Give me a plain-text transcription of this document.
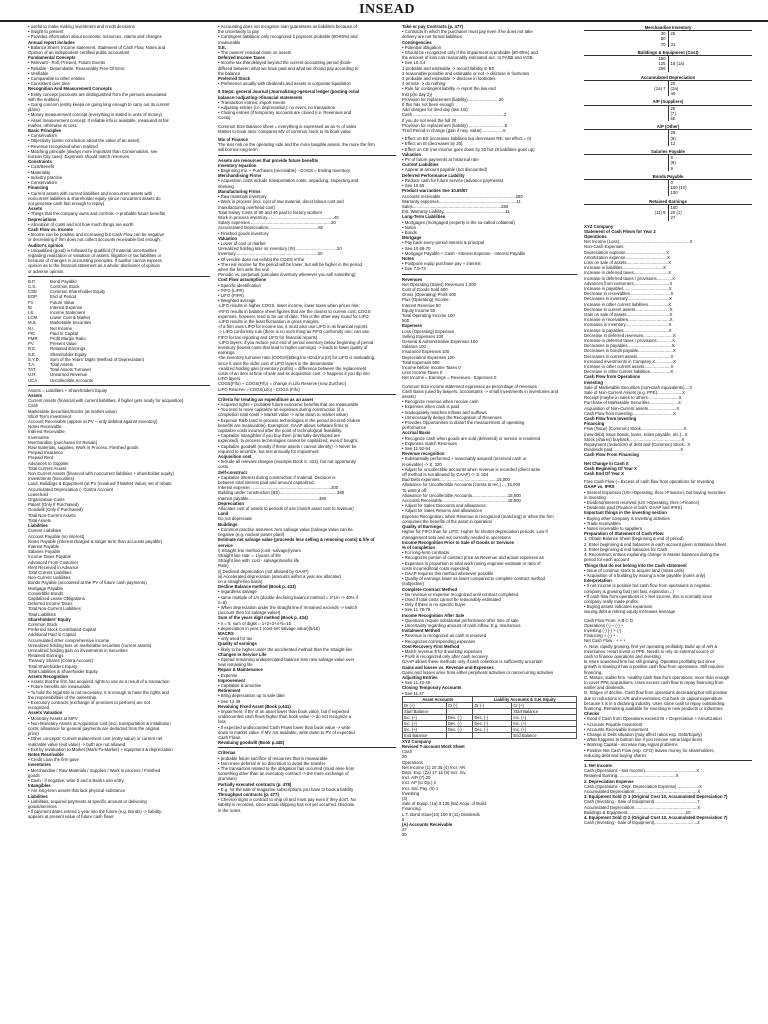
INSEAD
• useful to make making investment and credit decisions
• insight to present
• Provides information about economic resources, claims and changes
Annual report includes
• Balance Sheet, Income statement, Statement of Cash Flow, Notes and
Opinion of an independent certified public accountant
Fundamental Concepts
• Relevant - Roll, Present, Future Events
• Reliable - Dependable, Reasonably Free Of Error
• Verifiable
• Comparable to other entities
• Consistent over time
Recognition And Measurement Concepts
• Entity concept (accounts are distinguished from the persons associated
with the entities)
• Going concern (entity keeps on going long enough to carry out its current
plans)
• Money measurement concept (everything is stated in units of money)
• Asset measurement concept: If reliable info is available, measured at fair
market, otherwise at cost.
Basic Principles
• Conservatism
• Objectivity (same conclusion about the value of an asset)
• Revenue recognized when realized
• Matching principle (always more important than Conservatism, see
Korean City case): Expenses should match revenues.
Constraints
• Cost/Benefit
• Materiality
• Industry practice
• Conservatism
Financing
• Current assets with current liabilities and noncurrent assets with
noncurrent liabilities & shareholder equity (since noncurrent assets do
not generate cash fast enough to repay)
Assets
• Things that the company owns and controls -> probable future benefits
Depreciations
• Allocation of costs and not how much things are worth
Cash Flow vs. Income
• Income can be positive and increasing but Cash Flow can be negative
or decreasing if firm does not collect accounts receivable fast enough.
Auditor's opinion
• Unqualified (good) is followed by qualified (if material uncertainties
regarding realization or valuation of assets, litigation or tax liabilities or
because of changes in accounting principles. If auditor cannot express
opinion as to the financial statement as a whole: disclaimer of opinion
or adverse opinion.
B.P.	Bond Payable
C.S.	Common Stock
CSE	Common Shareholder Equity
EOP	End of Period
FV	Future Value
IE	Interest Expense
I.S.	Income Statement
LCM	Lower Cost & Market
M.S.	Marketable Securities
N.I.	Net Income
PIC	Paid In Capital
PMR	Profit Margin Ratio
PV	Present Value
R.E.	Retained Earnings
S.E.	Shareholder Equity
S.Y.D.	Sum of the Years' Digits (Method of Depreciation)
T.A.	Total Assets
TAT	Total Assets Turnover
U.R.	Unearned Revenue
UCA	Uncollectible Accounts
Assets = Liabilities + Shareholders Equity
Assets
Current Assets (financial with current liabilities, if higher gets ready for acquisition)
Cash
Marketable Securities/Stocks (at market value)
Short Term Investment
Account Receivable (appear at PV -- only debited against Inventory)
Notes Receivable
Interest Receivable
Inventories
Merchandise (purchases for Resale)
Raw materials, supplies, Work in Process, Finished goods
Prepaid Insurance
Prepaid Rent
Advances to Supplier
Total Current Assets
Non Current Assets (financed with noncurrent liabilities + shareholder equity)
Investments (Securities)
Land, Buildings & Equipment (at PV (revalued if Market Value) net of rebate
Accumulated Depreciation (- Contra Account
Leasehold
Organization Costs
Patent (Only If Purchased)
Goodwill (Only If Purchased)
Total Non-Current Assets
Total Assets
Liabilities
Current Liabilities
Account Payable (no interest)
Notes Payable (interest charged & longer term than accounts payable)
Interest Payable
Salaries Payable
Income Taxes Payable
Advanced From Customer
Rent Received in Advance
Total Current Liabilities
Non-Current Liabilities
Bonds Payable (accounted at the PV of future cash payments)
Mortgage Payable
Convertible Bonds
Capitalized Lease Obligations
Deferred Income Taxes
Total Non-Current Liabilities
Total Liabilities
Shareholders' Equity
Common Stock
Preferred Stock Contributed Capital
Additional Paid in Capital
Accumulated other comprehensive income
Unrealized holding loss on marketable securities (current assets)
Unrealized holding gain on investments in Securities
Retained Earnings
Treasury Shares (Contra Account)
Total Shareholders Equity
Total Liabilities & Shareholder Equity
Assets Recognition
• Assets that the firm has acquired rights to use as a result of a transaction
• Future benefits are measurable
• To hold the legal title is not necessary. It is enough to have the rights and
the responsibilities of the ownership.
• Executory contracts (exchange of promises to perform) are not
recognized.
Assets Valuation
• Monetary Assets at MPV
• Non-Monetary Assets at Acquisition cost (incl. transportation & installation
costs; allowance for general payments are deducted from the original
price)
• Other concepts: Current replacement cost (entry value) or current net
realizable value (exit value) -> both are not allowed
• Exit by revaluation to Market (Mark-To-Market) + equipment & depreciation
Notes Receivable
• Credit Loan the firm gave
Inventories
• Merchandise / Raw Materials / Supplies / Work in process / Finished
goods
• Cash - if negative, write 0 and a Bank Loan entry.
Intangibles
• Are long-term assets that lack physical substance
Liabilities
• Liabilities, required payments at specific amount or delivering
goods/services
• If payment dates extend 1 year into the future (e.g. Bonds) -> liability,
appears at present value of future cash flows
• Accounting does not recognize loan guarantees as liabilities because of
the uncertainty to pay
• Contingent liabilities: only recognized if payment probable (80-85%) and
measurable
S.E.
• The owners' residual claim on assets
Deferred Income Taxes
• Income tax that delayed beyond the current accounting period (book-
differed between what we have paid and what we should pay according to
the balance
Preferred Stock
• Preference usually with dividends and assets in corporate liquidation
5 Steps: general Journal (Journalizing->general ledger (posting->trial
balance->adjusting->financial statements
• Transaction entries: import events
• Adjusting entries (i.e. depreciation): no event, no transaction
• Closing entries (if temporary accounts are closed (i.e. Revenues and
Costs)
Common Size Balance sheet = everything is expressed as an % of sales
Market to book ratio: compares MV of common stock to its book value
Mix of Finance
The less risk on the operating side and the more tangible assets, the more the firm
will borrow long-term
Assets are resources that provide future benefits
Inventory equation
• Beginning Inv. + Purchases (receivable) - COGS = Ending Inventory
Merchandising Firms
• Acquisition costs include transportation costs, unpacking, inspecting and
shelving
Manufacturing Firms
• Raw materials inventory
• Work in process (incl. cost of raw material, direct labour cost and
manufacturing overhead cost)
Total Salary Costs of 80 and 40 paid to factory workers
Work in process inventory........................................................40
Salary expenses ...................................................................20
Accumulated Depreciation..........................................60
• Finished goods inventory
Valuation
• Lower of cost or market
Unrealized holding loss on inventory (IS) ..................................20
Inventory.....................................................................20
• Of vendee does not exhibit the COGS in'the
• The real income for the period will be lower, but will be higher in the period
when the firm sells the unit
Periodic vs. perpetual (calculate inventory whenever you sell something)
Cost Flow assumptions
• Specific identification
• FIFO (LIFR)
• LIFO (FIFR)
• Weighted average
-LIFO results in higher COGS, lower income, lower taxes when prices rise.
-FIFO results in balance sheet figures that are the closest to current cost; COGS
expenses, however, tend to be out of date. This is the other way round for LIFO.
-LIFO results in the least fluctuation in gross margins.
-If a firm uses LIFO for income tax, it must also use LIFO in its financial reports
-> LIFO conformity rule (there is no such thing as FIFO conformity rule; can use
FIFO for tax reporting and LIFO for financial reports)
-LIFO layers: if you reduce your end of period inventory below beginning of period
inventory (lowest costs that lead to higher earnings) -> leads to lower quality of
earnings
-the inventory turnover ratio (COGS/(EBeg.Inv.+End.Inv.)/2) for LIFO is misleading,
since it uses the older cost of LIFO layers in the denominator
-realized holding gain (inventory profits) = difference between the replacement
costs of an item at time of sale and its acquisition cost -> happens if you dip into
LIFO layers
COGS(Fifo) + COGS(Fifo) = change in Lifo Reserve (now Zurcheo)
LIFO Reserve = COGS(Lifo) - COGS (Fifo)
Criteria for treating an expenditure as an asset
• Acquired rights + probable future economic benefits that are measurable
• You tend to more capitalize an expenses during construction (if a
completion total costs > Market value -> write down to market value)
• Expense R&D (and in-process technologies in the period incurred->future
benefits are measurable). Exemption: GAAP allows software firms to
capitalize costs incurred after the point of technological feasibility.
• Capitalize intangibles if you buy them (internally developed are
expensed). In-process technologies cannot be capitalized, even if bought.
• Capitalize goodwill (mostly if these assets / cannot identify) -> Never be
required to amortize, but test annually for impairment.
Acquisition cost
• Include all relevant charges (example Book S. 423), but not opportunity
costs.
Self-construct
• Capitalize interest during construction if material. Decision is
between total interest paid and amount capitalized.
Interest expense ...................................................................200
Building under construction (BS)................................................380
Interest payable...........................................................380
Depreciation
Allocates cost of assets to periods of use (match asset cost to revenue)
Land
Do not depreciate
Buildings
• Common practice assumes zero salvage value (salvage value can be
negative (e.g. nuclear power plant)
Estimate net salvage value (proceeds less selling & removing costs) & life of
service
i) Straight line method (cost -salvage)/years
Straight line rate: = 1/years of life
Straight line with: cost - salvage)/useful life
Rate)
ii) Declined depreciation (not allowed by GAAP)
iii) Accelerated depreciation (amounts within a year are allocated
on a straight-line basis)
Decline Balance method (Book p. 433)
• regardless salvage
• same multiple of 1/n (double declining balance method = 2*1/n -> 40% if
n=5)
• When depreciation under the straight line if remained exceeds -> switch
(account then for salvage value!)
Sum of the years digit method (Book p. 434)
• n = 5; sum of digits = 1+2+3+4+5=15
• depreciation in year 1 (cost-net salvage value)(5/15)
MACRS
• only used for tax
Quality of earnings
• likely to be higher under the accelerated method than the straight-line
Changes in Service Life
• Spread remaining undepreciated balance less new salvage value over
new remaining life
Repair & Maintenance
• Expense
Improvement
• Capitalise & amortise
Retirement
• Bring depreciation up to sale date
• See 12.39
Revaluing Fixed Asset (Book p.441)
• Impairment: if BV of an asset lower than book value, but if expected
undiscounted cash flows higher than book value -> do not recognize a
loss
• If expected undiscounted Cash Flows lower than book value -> write
down to market value. If MV not available, write down to PV of expected
Cash Flows.
Revaluing goodwill (Book p.448)
Criterias
• probable future sacrifice of resources that is measurable
• Non-mere deferral or no discretion to avoid the transfer
• The transaction related to the obligation has occurred (must arise from
something other than an executory contract -> the mere exchange of
promises)
Partially executed contracts (p. 478)
• E.g. for the sale of magazine subscriptions you have to book a liability
Throughput contracts (p. 477)
• Chevron signs a contract to ship oil and must pay even if they don't. No
liability is recorded, since actual shipping has not yet occurred. Disclose
in the notes.
Take or pay Contracts (p. 477)
• Contracts in which the purchaser must pay even if he does not take
delivery are not formal liabilities.
Contingencies
• Potential obligation
• Should be recognized only if the impairment is probable (80-85%) and
the amount of loss can reasonably estimated acc. to FASB and IASB
• See 10.4.4
1 probable and estimable -> record liability in BS
2 reasonable possible and estimable or not -> disclose in footnotes
3 probable and estimable -> disclose in footnotes
4 remote -> do nothing
• Rule for contingent liability -> report the low end
Inst p(to day 2))
Provision for replacement (liability)..........................20
If this has not been enough
Add charges for tired day (two 1st)
Cash ............................................................................2
If you do not need the full 20
Provision for replacement (liability) ..............................5
Tired Period in change (gain if neg. value) .................5
• Effect on BS (increases liabilities but decreases RE: net effect = 0)
• Effect on IS (decreases by 20)
• Effect on CE (net income goes down by 20 but 20 liabilities goes up)
Valuation
• PV of future payments at historical rate
Current Liabilities
• Appear at amount payable (not discounted)
Deferred Performance Liability
• Reduce cash for future service (advance payments)
• See 10.55
Product warranties See 10.65/67
Accounts receivable ..............................................................280
Warranty expenses.................................................................11
Sales..........................................................................280
Est. Warranty Liability....................................................11
Long-Term Liabilities
• Mortgages (mortgaged property is the so-called collateral)
• Notes
• Bonds
Mortgage
• Pay back every-period interest & principal
• See 10.66-70
• Mortgage Payable + Cash - Interest Expense - Interest Payable
Notes
• Postpone equip purchase pay + interest
• See 7.9-73
Revenues
Net Operating (Sales) Revenues 1,000
Cost of Goods Sold 600
Gross (Operating) Profit 400
Plus (Operating) Income:
Interest Revenue 50
Equity Income 50
Total Operating Income 100
500
Expenses
Less (Operating) Expenses
Selling Expenses 100
General & Administrative Expenses 100
Salaries 100
Insurance Expenses 100
Depreciation Expenses 100
Total Expenses 500
Income before Income Taxes 0
Less Income Taxes 0
Net Income = Earnings = Revenues - Expenses 0
Common Size income statement expresses as percentage of revenues
Cash Basis (used by lawyers, accountants -> small investments in inventories and
assets)
• Recognize revenue when receive cash
• Expenses when cash is paid
• Inadequately matches Inflows and outflows
• Unnecessarily delays the Recognition of Revenues
• Provides Opportunities to distort the measurement of operating
performance
Accrual Basis
• Recognize cash when goods are sold (delivered) or service is rendered
• Expenses match Revenues
• See 11.92-94
Revenue recognition
• Substantially performed + reasonably assured (received cash or
receivable) -> S. 320
• Adjust for uncollectible accounts when revenue is recorded (direct write
off method is not allowed by GAAP) -> S. 324
Bad Debt expenses................................................15,000
Allowance for Uncollectible Accounts (contra to rec.) ....15,000
To write it off:
Allowance for Uncollectible Accounts..............................15,000
Accounts Receivable.......................................................15,000
• Adjust for Sales Discounts and allowances
• Adjust for Sales Returns and allowances
Expense Recognition: when Revenue is recognized (matching) or when the firm
consumes the benefits of the asset in operation
Quality of Earnings:
Higher for FIFO than for LIFO; Higher for shorter depreciation periods. Low if
management sets and not currently needed in operations
Income Recognition Prior to Sale of Goods or Services
% of completion
• For long-term contracts
• Recognizes portion of contract price as Revenue and actual expenses as
• Expenses in proportion to total work (using engineer estimate or ratio of
costs incurred/total costs expected)
• GAAP requires this method whenever possible
• Quality of earnings lower as lower compared to complete contract method
(subjective)
Complete-Contract Method
• No revenue or expense recognized until contract completed
• Used if total costs cannot be reasonably estimated
• Only if there is no specific buyer
• See 11.78-79
Income Recognition After Sale
• Questions require substantial performance after time of sale
• Uncertainty regarding amount of cash inflow. E.g. Insurances
Instalment Method
• Revenue is recognized as cash is received
• Recognizes corresponding expenses
Cost-Recovery First Method
• Match revenue $ for $ working expenses
• Profit is recognized only after cash recovery
GAAP allows these methods only if cash collection is sufficiently uncertain
Gains and losses vs. Revenue and Expenses
Gains and losses arise from either peripheral activities or nonrecurring activities
Adjusting Entries
• See 11.42-45
Closing Temporary Accounts
• See 11.47
Asset Accounts		Liability Accounts & S.H. Equity	
Dr (+)	Cr (-)	Dr (-)	Cr (+)
Start Balance			Start Balance
Inc. (+)	Dec. (-)	Dec. (-)	Inc. (+)
Inc. (+)	Dec. (-)	Dec. (-)	Inc. (+)
Inc. (+)	Dec. (-)	Dec. (-)	Inc. (+)
End Balance			End Balance
XYZ Company
Revised T-account Work Sheet
Cash
20
Operations
Net Income (1) 20 35 (4) Incr. AR
Depr. Exp. (2a) 17 15 (5) Incr. Inv.
Incr. A/P (7) 20
Incr. AP (to Op.) 2
Incr. Sal. Pay. (9) 1
Investing
(3)
Sale of Equip. (1a) 3 135 (6a) Acqu. of Build.
Financing
L.T. Bond Issue(10) 100 8 (11) Dividends
5
(A) Accounts Receivable
27
30
Merchandise Inventory
30	25
80
70	31
Buildings & Equipment (Cost)
150
125	18 (1a)
259
Accumulated Depreciation
20
(1a) 7	(2a)
40
A/P (Suppliers)
25
(7)
50
A/P (Other)
25
(8)
12
Salaries Payable
8
(9)
9
Bonds Payable
0
100 (10)
100
Retained Earnings
150
(11) 8	20 (1)
27
XYZ Company
Statement of Cash Flows for Year 2
Operations
Net Income (Loss)...........................................................X
Non-Cash Expenses
Depreciation expense..................................X
Amortization expense...................................X
Loss on sale of assets...................................X
Increase in liabilities..................................X
Increase in deferred taxes.............................X
Increase in deferred taxes / provisions.............X
Advances from customers..............................X
Increase in payables......................................X
Decrease in receivables..................................X
Decreases in inventory...................................X
Increase in other current liabilities.................X
Decrease in current assets.............................X
Gain on sale of assets....................................X
Increase in receivables...................................X
Increases in inventory....................................X
Increase in payables......................................X
Decrease in deferred revenues.........................X
Increase in deferred taxes / provisions.............X
Decreases in payables.....................................X
Decreases in bonds payable.............................X
Decreases in current assets............................X
Increased investments in Company X...............X
Increase in other current assets......................X
Decrease in other current liabilities.................X
Cash Flow from Operations
Investing
Sale of Marketable Securities (non-cash equivalents)....X
Sale of Non-Current Assets (e.g. PPE).....................X
Receipt (maybe in sales to others..........................X
Purchase of Marketable Securities........................X
Acquisition of Non-Current assets........................X
Cash Flow from Investing..................................X
Cash Flow from Investing
Financing
Flow (Issue) (Common) Stock....................................X
(new debt) Issue bonds, loans, notes payable, etc.)...X
Stock (shares) buyback............................................X
Repayment (reduction) of debt and (Common) Stock...X
Dividends paid.........................................................X
Cash Flow From Financing
Net Change in Cash X
Cash Beginning Of Year X
Cash End Of Year X
Free Cash Flow (= Excess of cash flow from operations for Investing
GAAP vs. IFRS
• Interest Expenses (US->Operating, Ifers->Finance), but buying securities
in Investing
• Dividend/Interest received (US->Operating, Ifers->Finance)
• Dividends paid (Finance in both: GAAP and IFRS)
Important things in the investing section
• Buying other company is Investing activities
• Trade receivables
• Notes receivable to suppliers
Preparation of Statement of Cash Flow:
1. Obtain Balance Sheet (beginning & end of period)
2. Enter beginning & end balances in each account given in Balance Sheet
3. Enter beginning & end balances for Cash
4. Reconstruct entries explaining change in Master balances during the
period for each account
Things that do not belong into the Cash statement
• Issue of common stock to acquire land (notes ords)
• Acquisition of a building by issuing a note payable (notes only)
Interpretation
• If net income is positive but cash flow from operations is negative,
company is growing fast (net fast, expansion...)
• If cash flow from operations is > Net Income, this is normally since
company really made profits
• Buying assets indicates expansion
issuing debt & retiring equity increases leverage
Cash Flow From: A B C D
Operations (-) + (-) +
Investing (-) (-) + (-)
Financing + (-) + -
Net Cash Flow - + + +
A. New, rapidly growing, first yet operating profitably. Build up of A/R &
Inventories. Heart invest in PPE. Needs to rely on external source of
cash to finance operations and investing.
B. More seasoned firm but still growing. Operates profitably but since
growth is slowing it has a positive cash flow from operations. Still requires
financing.
C. Mature, stable firm. Healthy cash flow from operations; more than enough
to cover PPE acquisitions. Uses excess cash flow to repay financing from
earlier and dividends.
D. Stages of decline. Cash flow from operations decreasing but still positive
due to reductions in A/R and inventories. Cut back on capital expenditure
because it is in a declining industry. Uses some cash to repay outstanding
financing. Remaining available for investing in new products or industries.
Checks
• Good if Cash from Operations exceed NI + Depreciation + Amortization
• Accounts Payable movement
• Accounts Receivable movement
• Change in Debt situation (may affect ratios esp. Debt/Equity)
• What happens to bottom line if you remove some large items
• Working Capital - increase may signal problems
• Positive Net Cash Flow (esp. CFO) leaves money for shareholders,
reducing debt and buying shares
1. Net Income
Cash (Operations - Net Income)...........................................X
Retained Earning.................................................X
2. Depreciation Expense
Cash (Operations - Depr. Depreciation Expense)...................X
Accumulated Depreciation.....................................................X
3. Equipment Sold @ 3 (Original Cost 10, Accumulated Depreciation 7)
Cash (Investing - Sale of Equipment)....................................7
Accumulated Depreciation.....................................................X
Buildings & Equipment.................................................10
4. Equipment Sold @ 2 (Original Cost 10, Accumulated Depreciation 7)
Cash (Investing - Sale of Equipment)....................................2
